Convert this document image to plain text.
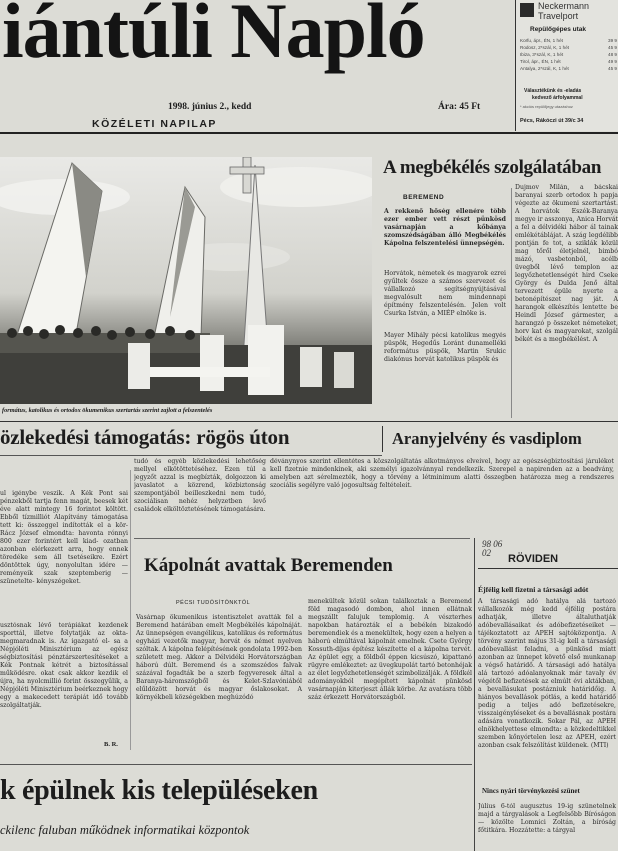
iántúli Napló
1998. június 2., kedd	Ára: 45 Ft
KÖZÉLETI NAPILAP
Neckermann
Travelport
Repülőgépes utak
Korfu, ápr., ÉN, 1 hét	39 9
Rodosz, 2*szál, K, 1 hét	45 9
Ibiza, 3*szál, K, 1 hét	48 9
Tirol, ápr., ÉN, 1 hét	49 9
Antalya, 2*szál, K, 1 hét	45 9
Választékünk és -eladás
kedvező árfolyammal
* akciós repülőjegy utazáshoz
Pécs, Rákóczi út 39/c 34
formátus, katolikus és ortodox ökumenikus szertartás szerint zajlott a felszentelés
A megbékélés szolgálatában
BEREMEND
A rekkenő hőség ellenére több ezer ember vett részt pünkösd vasárnapján a kőbánya szomszédságában álló Megbékélés Kápolna felszentelési ünnepségén.
Horvátok, németek és magyarok ezrei gyűltek össze a számos szervezet és vállalkozó segítségnyújtásával megvalósult nem mindennapi építmény felszentelésén. Jelen volt Csurka István, a MIÉP elnöke is.
Mayer Mihály pécsi katolikus megyés püspök, Hegedűs Loránt dunamelléki református püspök, Martin Srukic diakónus horvát katolikus püspök és
Dujmov Milán, a bácskai baranyai szerb ortodox h papja végezte az ökumeni szertartást. A horvátok Eszék-Baranya megye ir asszonya, Anica Horvát a fel a délvidéki hábor ál tainak emlékétáblájat. A szág legdélibb pontján fe tot, a sziklák közül mag tőről életjelnél, bimbó mázó, vasbetonból, acélb üvegből lévő templon az legyőzhetetlenségét hird Cseke György és Dulda Jenő által tervezett épüle nyerte a betonépítészet nag ját. A harangok elkészítés lentette be Heindl József gármester, a harangzó p összeket németeket, horv kat és magyarokat, szolgál békét és a megbékélést. A
özlekedési támogatás: rögös úton	Aranyjelvény és vasdiplom
ul igénybe veszik. A Kék Pont sai pénzekből tartja fenn magát, beesek két éve alatt mintegy 16 forintot költött. Ebből tízmilliót Alapítvány támogatása tett ki: összeggel indították el a kör- Rácz József elmondta: havonta rónnyi 800 ezer forintért kell kiad- ozatban azonban elérkezett arra, hogy ennek töredéke sem áll tsetéseikre. Ezért döntöttek úgy, nonyolultan idére — reményeik szak szeptemberig — szünetelte- kényszégeket.
usztósnak lévő terápiákat kezdenek sporttál, illetve folytatják az okta- megmaradnak is. Az igazgató el- sa a Népjóléti Minisztérium az egész ségbiztosítási pénztárszertesítéseket a Kék Pontnak kétrét a biztosítással működésre. okat csak akkor kezdik el újra, ha nyolcmillió forint összegyűlik, a Népjóléti Minisztérium beérkeznek hogy egy a makecedett terápiát idő tovább szolgáltatják.
B. R.
tudó és egyéb közlekedési lehetőség mellyel elkötöttetéséhez. Ezen túl a jegyzőt azzal is megbízták, dolgozzon ki javaslatot a közrend, közbiztonság szempontjából beilleszkedni nem tudó, szociálisan nehéz helyzetben levő családok elköltöztetésének támogatására.
déványnyos szerint ellentétes a közszolgáltatás alkotmányos elveivel, hogy az egészségbiztosítási járulékot kell fizetnie mindenkinek, aki személyi igazolvánnyal rendelkezik. Szerepel a napirenden az a beadvány, amelyben azt sérelmezték, hogy a törvény a létminimum alatti összegben határozza meg a rendszeres szociális segélyre való jogosultság feltételeit.
Kápolnát avattak Beremenden
PÉCSI TUDÓSÍTÓNKTÓL
Vasárnap ökumenikus istentisztelet avatták fel a Beremend határában emelt Megbékélés kápolnáját. Az ünnepségen evangélikus, katolikus és református egyházi vezetők magyar, horvát és német nyelven szóltak. A kápolna felépítésének gondolata 1992-ben született meg. Akkor a Délvidéki Horvátországban háború dúlt. Beremend és a szomszédos falvak százával fogadták be a szerb fegyveresek által a Baranya-háromszögből és Kelet-Szlavóniából elűldözött horvát és magyar őslakosokat. A környékbeli községekben meghúzódó
menekültek közül sokan találkoztak a Beremend föld magasodó dombon, ahol innen ellátnak megszállt falujuk templomig. A vészterhes napokban határozták el a bebékén bizakodó beremendiek és a menekültek, hogy ezen a helyen a háború elmúltával kápolnát emelnek. Csete György Kossuth-díjas építész készítette el a kápolna tervét. Az épület egy, a földből éppen kicsúszó, kipattanó rügyre emlékeztet: az üvegkupolát tartó betonhéjak az élet legyőzhetetlenségét szimbolizálják. A földkél adományokból megépített kápolnát pünkösd vasárnapján kiterjeszt állák körbe. Az avatásra több száz érkezett Horvátországból.
98 06 02	RÖVIDEN
Éjfélig kell fizetni a társasági adót
A társasági adó hatálya alá tartozó vállalkozók még kedd éjfélig postára adhatják, illetve általuthatják adóbevallásaikat és adóbefizetéseiket — tájékoztatott az APEH sajtóközpontja. A törvény szerint május 31-ig kell a társasági adóbevallást feladni, a pünkösd miatt azonban az ünnepet követő első munkanap a végső határidő. A társasági adó hatálya alá tartozó adóalanyoknak már tavaly év végétől befizetések az elmúlt évi aktákban, a bevallásukat postázniuk határidőig. A hiányos bevallások pótlás, a kedd határidő pedig a teljes adó befizetésekre, visszaigényléseket és a bevallásnak postára adására vonatkozik. Sokar Pál, az APEH elnökhelyettese elmondta: a közkedeltikkel szemben kőnyórtelen lesz az APEH, ezért azonban csak felszólítást küldenek. (MTI)
Nincs nyári törvénykezési szünet
Július 6-tól augusztus 19-ig szünetelnek majd a tárgyalások a Legfelsőbb Bíróságon — közölte Lomnici Zoltán, a bíróság főtitkára. Hozzátette: a tárgyal
k épülnek kis településeken
ckilenc faluban működnek informatikai központok
